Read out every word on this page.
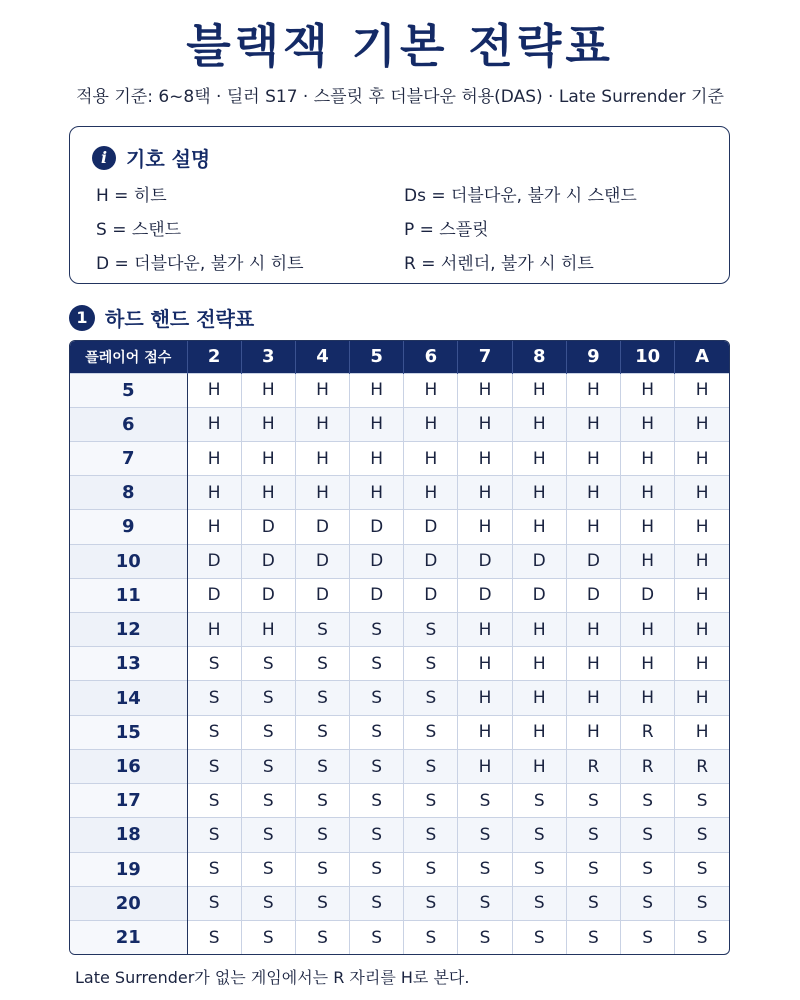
블랙잭 기본 전략표
적용 기준: 6~8택 · 딜러 S17 · 스플릿 후 더블다운 허용(DAS) · Late Surrender 기준
i 기호 설명
H = 히트
S = 스탠드
D = 더블다운, 불가 시 히트
Ds = 더블다운, 불가 시 스탠드
P = 스플릿
R = 서렌더, 불가 시 히트
1 하드 핸드 전략표
플레이어 점수	2	3	4	5	6	7	8	9	10	A
5	H	H	H	H	H	H	H	H	H	H
6	H	H	H	H	H	H	H	H	H	H
7	H	H	H	H	H	H	H	H	H	H
8	H	H	H	H	H	H	H	H	H	H
9	H	D	D	D	D	H	H	H	H	H
10	D	D	D	D	D	D	D	D	H	H
11	D	D	D	D	D	D	D	D	D	H
12	H	H	S	S	S	H	H	H	H	H
13	S	S	S	S	S	H	H	H	H	H
14	S	S	S	S	S	H	H	H	H	H
15	S	S	S	S	S	H	H	H	R	H
16	S	S	S	S	S	H	H	R	R	R
17	S	S	S	S	S	S	S	S	S	S
18	S	S	S	S	S	S	S	S	S	S
19	S	S	S	S	S	S	S	S	S	S
20	S	S	S	S	S	S	S	S	S	S
21	S	S	S	S	S	S	S	S	S	S
Late Surrender가 없는 게임에서는 R 자리를 H로 본다.
